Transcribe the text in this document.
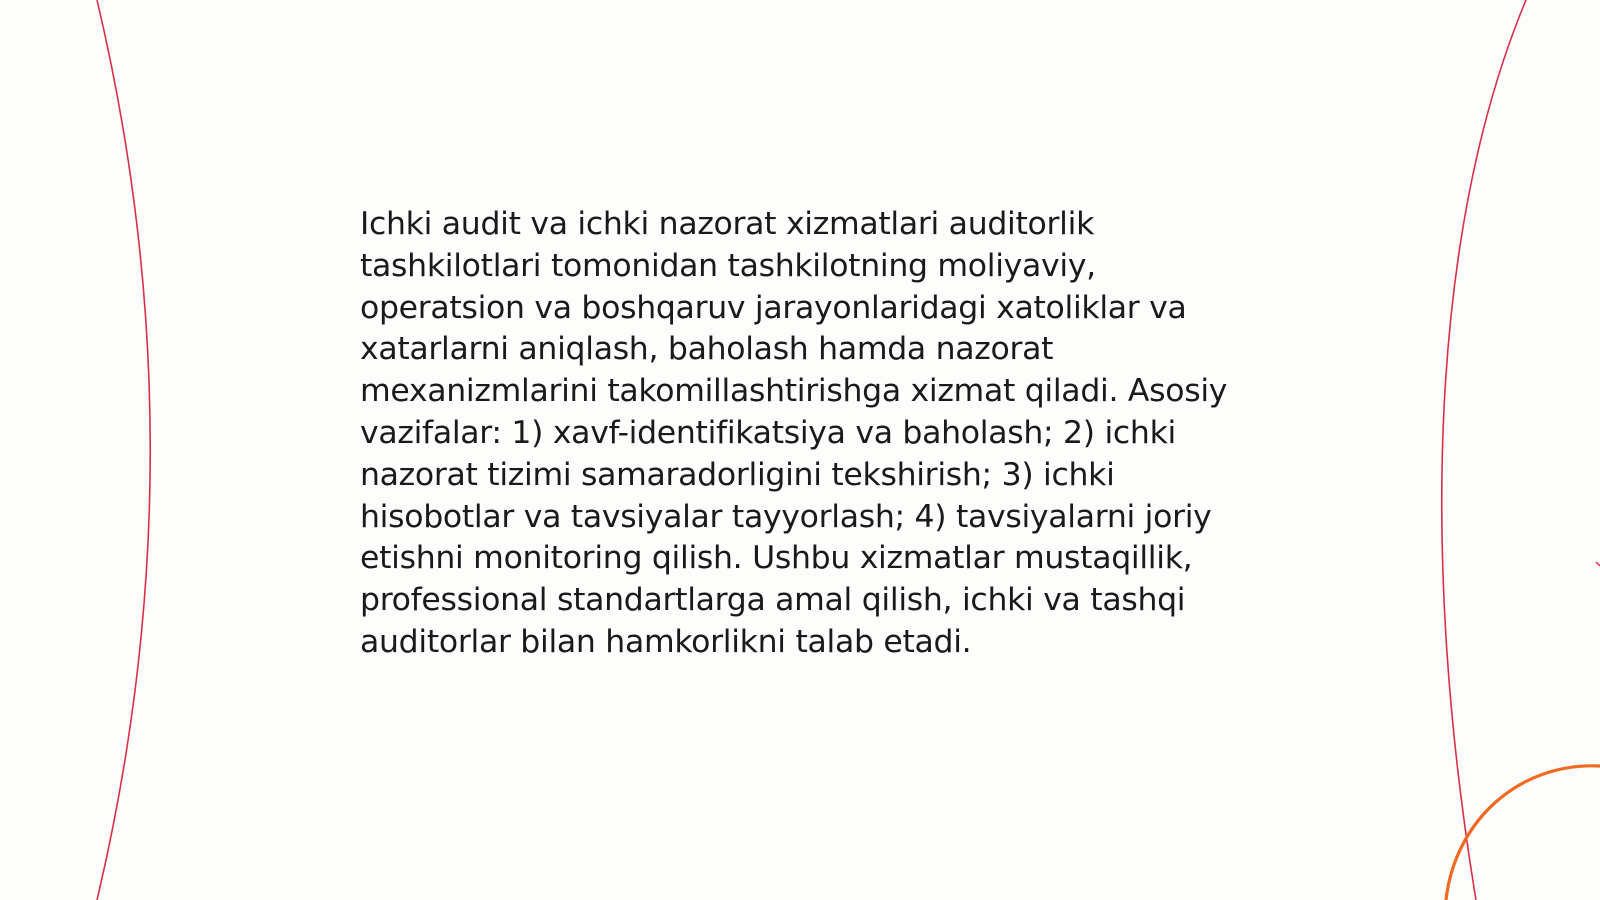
Ichki audit va ichki nazorat xizmatlari auditorlik tashkilotlari tomonidan tashkilotning moliyaviy, operatsion va boshqaruv jarayonlaridagi xatoliklar va xatarlarni aniqlash, baholash hamda nazorat mexanizmlarini takomillashtirishga xizmat qiladi. Asosiy vazifalar: 1) xavf-identifikatsiya va baholash; 2) ichki nazorat tizimi samaradorligini tekshirish; 3) ichki hisobotlar va tavsiyalar tayyorlash; 4) tavsiyalarni joriy etishni monitoring qilish. Ushbu xizmatlar mustaqillik, professional standartlarga amal qilish, ichki va tashqi auditorlar bilan hamkorlikni talab etadi.
